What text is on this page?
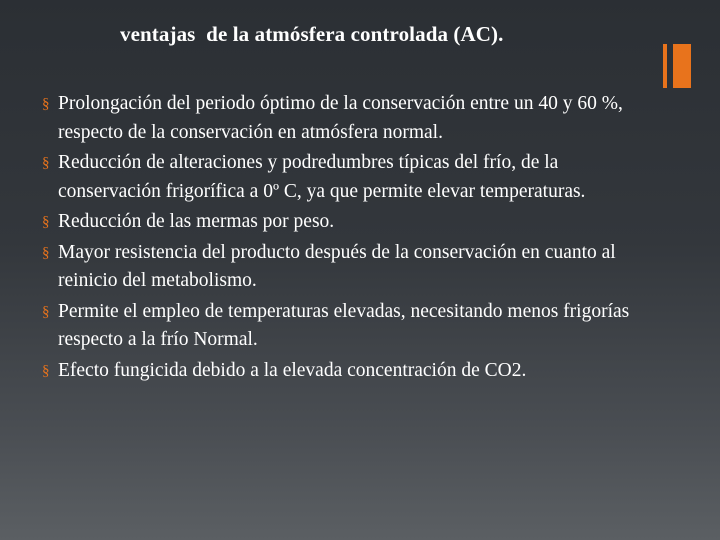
ventajas  de la atmósfera controlada (AC).
§ Prolongación del periodo óptimo de la conservación entre un 40 y 60 %, respecto de la conservación en atmósfera normal.
§ Reducción de alteraciones y podredumbres típicas del frío, de la conservación frigorífica a 0º C, ya que permite elevar temperaturas.
§ Reducción de las mermas por peso.
§ Mayor resistencia del producto después de la conservación en cuanto al reinicio del metabolismo.
§ Permite el empleo de temperaturas elevadas, necesitando menos frigorías respecto a la frío Normal.
§ Efecto fungicida debido a la elevada concentración de CO2.
